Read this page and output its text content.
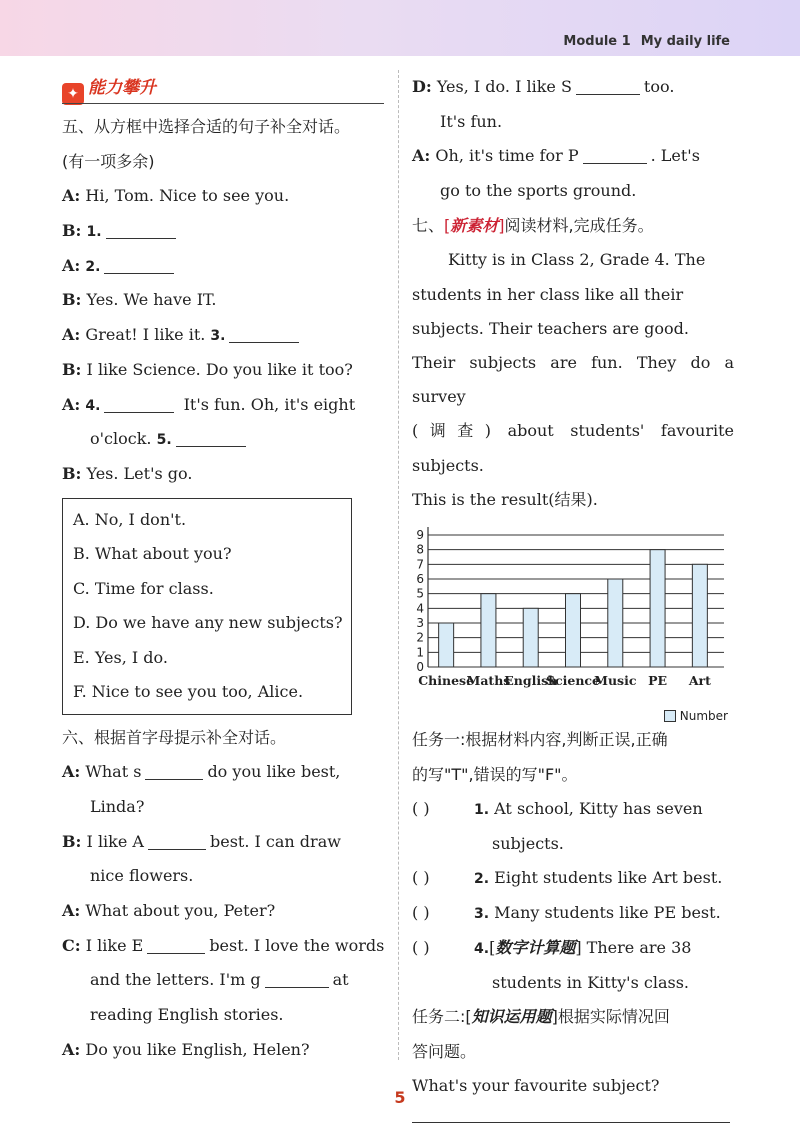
Module 1 My daily life
✦ 能力攀升
五、从方框中选择合适的句子补全对话。
(有一项多余)
A: Hi, Tom. Nice to see you.
B: 1.
A: 2.
B: Yes. We have IT.
A: Great! I like it. 3.
B: I like Science. Do you like it too?
A: 4.	It's fun. Oh, it's eight
o'clock. 5.
B: Yes. Let's go.
A. No, I don't.
B. What about you?
C. Time for class.
D. Do we have any new subjects?
E. Yes, I do.
F. Nice to see you too, Alice.
六、根据首字母提示补全对话。
A: What s	do you like best,
Linda?
B: I like A	best. I can draw
nice flowers.
A: What about you, Peter?
C: I like E	best. I love the words
and the letters. I'm g	at
reading English stories.
A: Do you like English, Helen?
D: Yes, I do. I like S	too.
It's fun.
A: Oh, it's time for P	. Let's
go to the sports ground.
七、[新素材]阅读材料,完成任务。
Kitty is in Class 2, Grade 4. The
students in her class like all their
subjects. Their teachers are good.
Their subjects are fun. They do a survey
(调查) about students' favourite subjects.
This is the result(结果).
0
1
2
3
4
5
6
7
8
9
Chinese
Maths
English
Science
Music PE Art
Number
任务一:根据材料内容,判断正误,正确
的写"T",错误的写"F"。
( )	1. At school, Kitty has seven
subjects.
( )	2. Eight students like Art best.
( )	3. Many students like PE best.
( )	4.[数字计算题] There are 38
students in Kitty's class.
任务二:[知识运用题]根据实际情况回
答问题。
What's your favourite subject?
5
